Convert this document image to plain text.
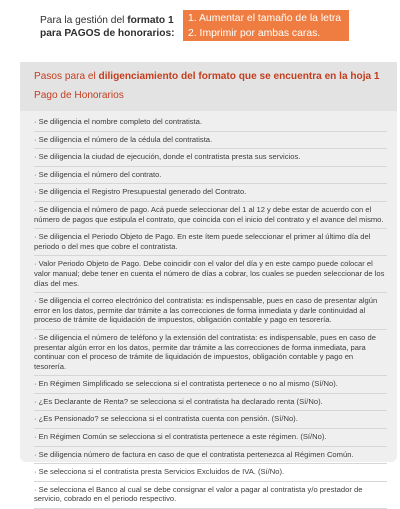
Para la gestión del formato 1
para PAGOS de honorarios:
1. Aumentar el tamaño de la letra
2. Imprimir por ambas caras.
Pasos para el diligenciamiento del formato que se encuentra en la hoja 1
Pago de Honorarios
· Se diligencia el nombre completo del contratista.
· Se diligencia el número de la cédula del contratista.
· Se diligencia la ciudad de ejecución, donde el contratista presta sus servicios.
· Se diligencia el número del contrato.
· Se diligencia el Registro Presupuestal generado del Contrato.
· Se diligencia el número de pago. Acá puede seleccionar del 1 al 12 y debe estar de acuerdo con el número de pagos que estipula el contrato, que coincida con el inicio del contrato y el avance del mismo.
· Se diligencia el Periodo Objeto de Pago. En este ítem puede seleccionar el primer al último día del periodo o del mes que cobre el contratista.
· Valor Periodo Objeto de Pago. Debe coincidir con el valor del día y en este campo puede colocar el valor manual; debe tener en cuenta el número de días a cobrar, los cuales se pueden seleccionar de los días del mes.
· Se diligencia el correo electrónico del contratista: es indispensable, pues en caso de presentar algún error en los datos, permite dar trámite a las correcciones de forma inmediata y darle continuidad al proceso de trámite de liquidación de impuestos, obligación contable y pago en tesorería.
· Se diligencia el número de teléfono y la extensión del contratista: es indispensable, pues en caso de presentar algún error en los datos, permite dar trámite a las correcciones de forma inmediata, para continuar con el proceso de trámite de liquidación de impuestos, obligación contable y pago en tesorería.
· En Régimen Simplificado se selecciona si el contratista pertenece o no al mismo (Sí/No).
· ¿Es Declarante de Renta? se selecciona si el contratista ha declarado renta (Sí/No).
· ¿Es Pensionado? se selecciona si el contratista cuenta con pensión. (Sí/No).
· En Régimen Común se selecciona si el contratista pertenece a este régimen. (Sí/No).
· Se diligencia número de factura en caso de que el contratista pertenezca al Régimen Común.
· Se selecciona si el contratista presta Servicios Excluidos de IVA. (Sí/No).
· Se selecciona el Banco al cual se debe consignar el valor a pagar al contratista y/o prestador de servicio, cobrado en el periodo respectivo.
